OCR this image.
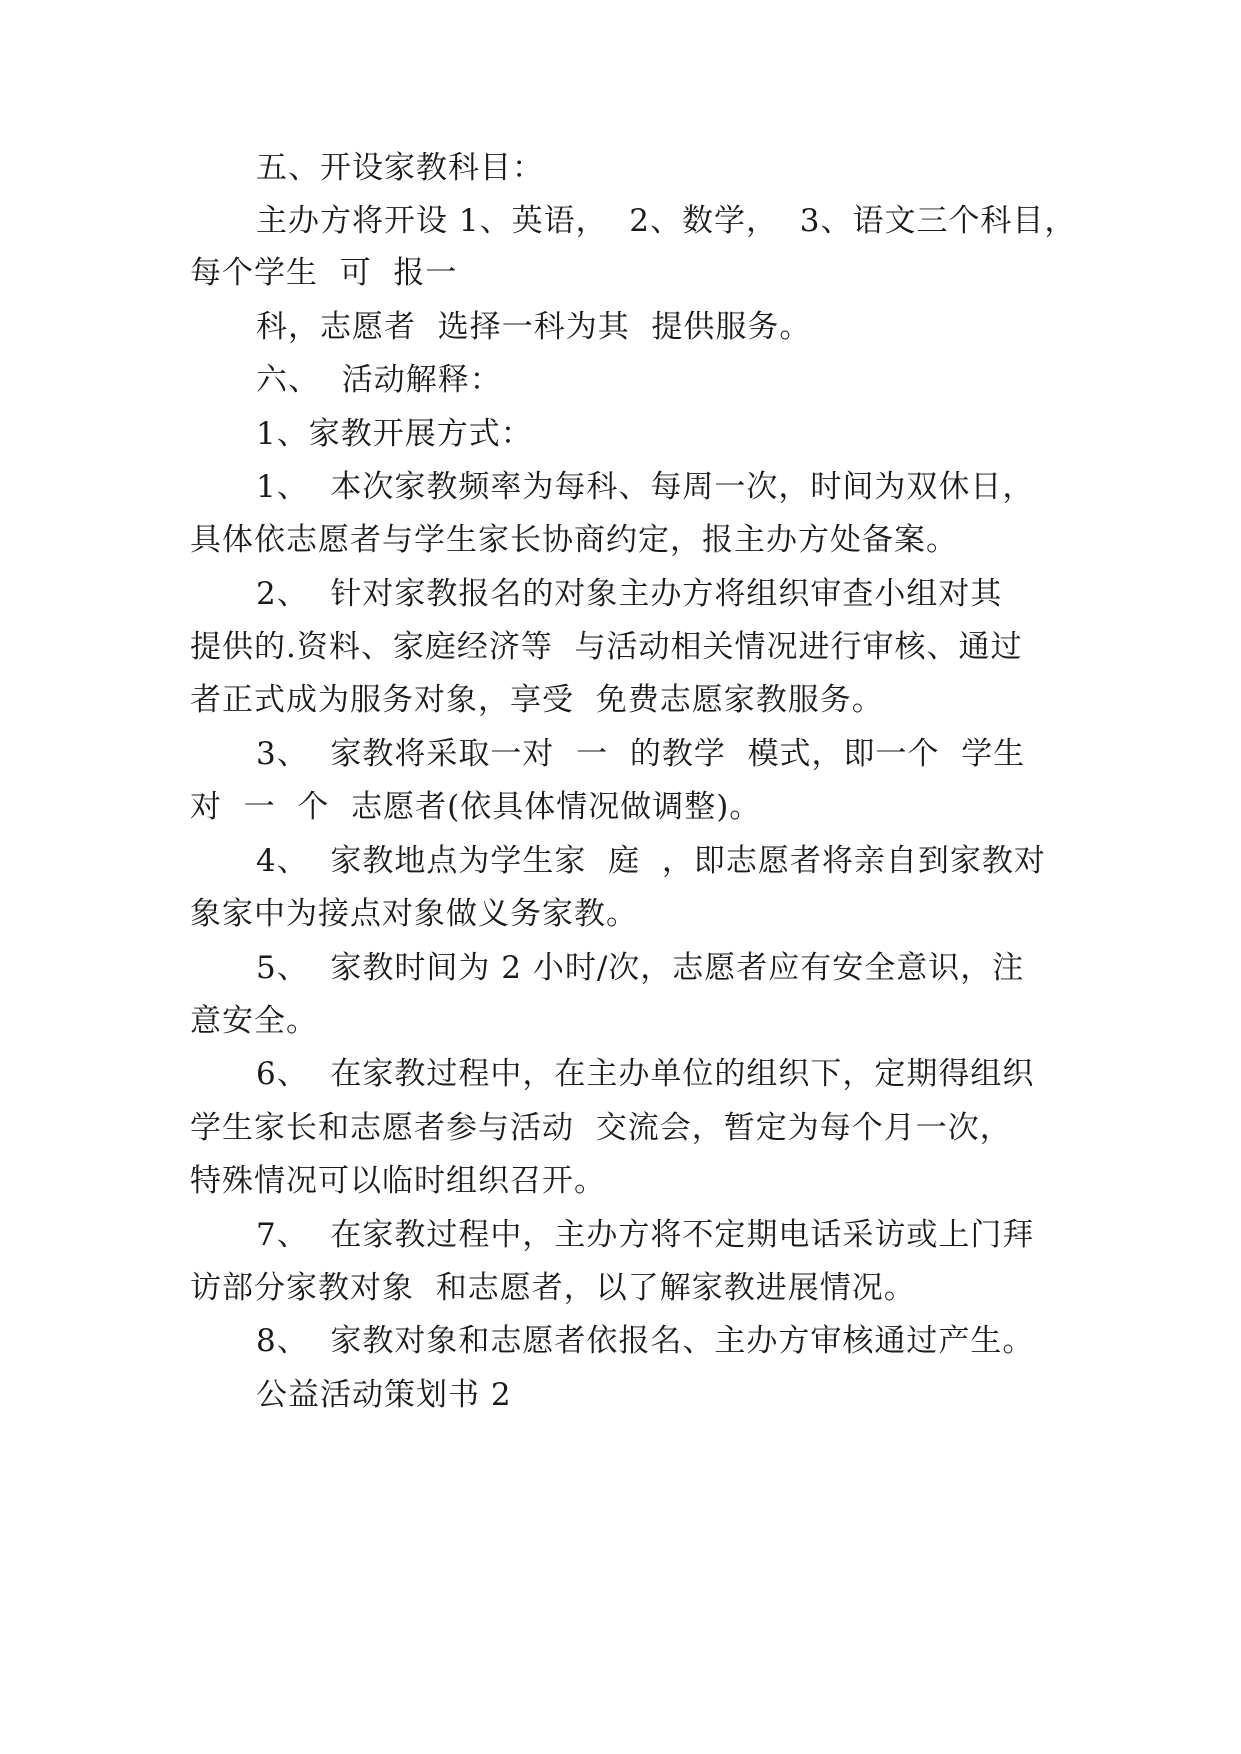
五、开设家教科目：
主办方将开设 1、英语，  2、数学，  3、语文三个科目，
每个学生  可  报一
科，志愿者  选择一科为其  提供服务。
六、  活动解释：
1、家教开展方式：
1、  本次家教频率为每科、每周一次，时间为双休日，
具体依志愿者与学生家长协商约定，报主办方处备案。
2、  针对家教报名的对象主办方将组织审查小组对其
提供的.资料、家庭经济等  与活动相关情况进行审核、通过
者正式成为服务对象，享受  免费志愿家教服务。
3、  家教将采取一对  一  的教学  模式，即一个  学生
对  一  个  志愿者(依具体情况做调整)。
4、  家教地点为学生家  庭  ，即志愿者将亲自到家教对
象家中为接点对象做义务家教。
5、  家教时间为 2 小时/次，志愿者应有安全意识，注
意安全。
6、  在家教过程中，在主办单位的组织下，定期得组织
学生家长和志愿者参与活动  交流会，暂定为每个月一次，
特殊情况可以临时组织召开。
7、  在家教过程中，主办方将不定期电话采访或上门拜
访部分家教对象  和志愿者，以了解家教进展情况。
8、  家教对象和志愿者依报名、主办方审核通过产生。
公益活动策划书 2
